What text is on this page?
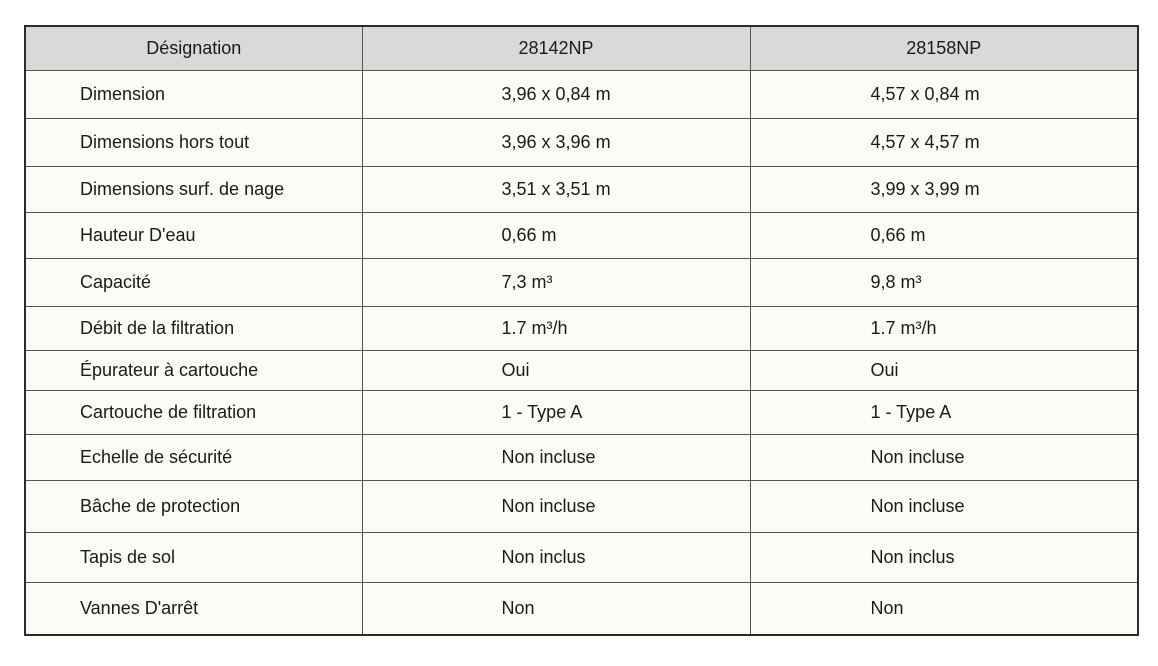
Désignation	28142NP	28158NP
Dimension	3,96 x 0,84 m	4,57 x 0,84 m
Dimensions hors tout	3,96 x 3,96 m	4,57 x 4,57 m
Dimensions surf. de nage	3,51 x 3,51 m	3,99 x 3,99 m
Hauteur D'eau	0,66 m	0,66 m
Capacité	7,3 m³	9,8 m³
Débit de la filtration	1.7 m³/h	1.7 m³/h
Épurateur à cartouche	Oui	Oui
Cartouche de filtration	1 - Type A	1 - Type A
Echelle de sécurité	Non incluse	Non incluse
Bâche de protection	Non incluse	Non incluse
Tapis de sol	Non inclus	Non inclus
Vannes D'arrêt	Non	Non
